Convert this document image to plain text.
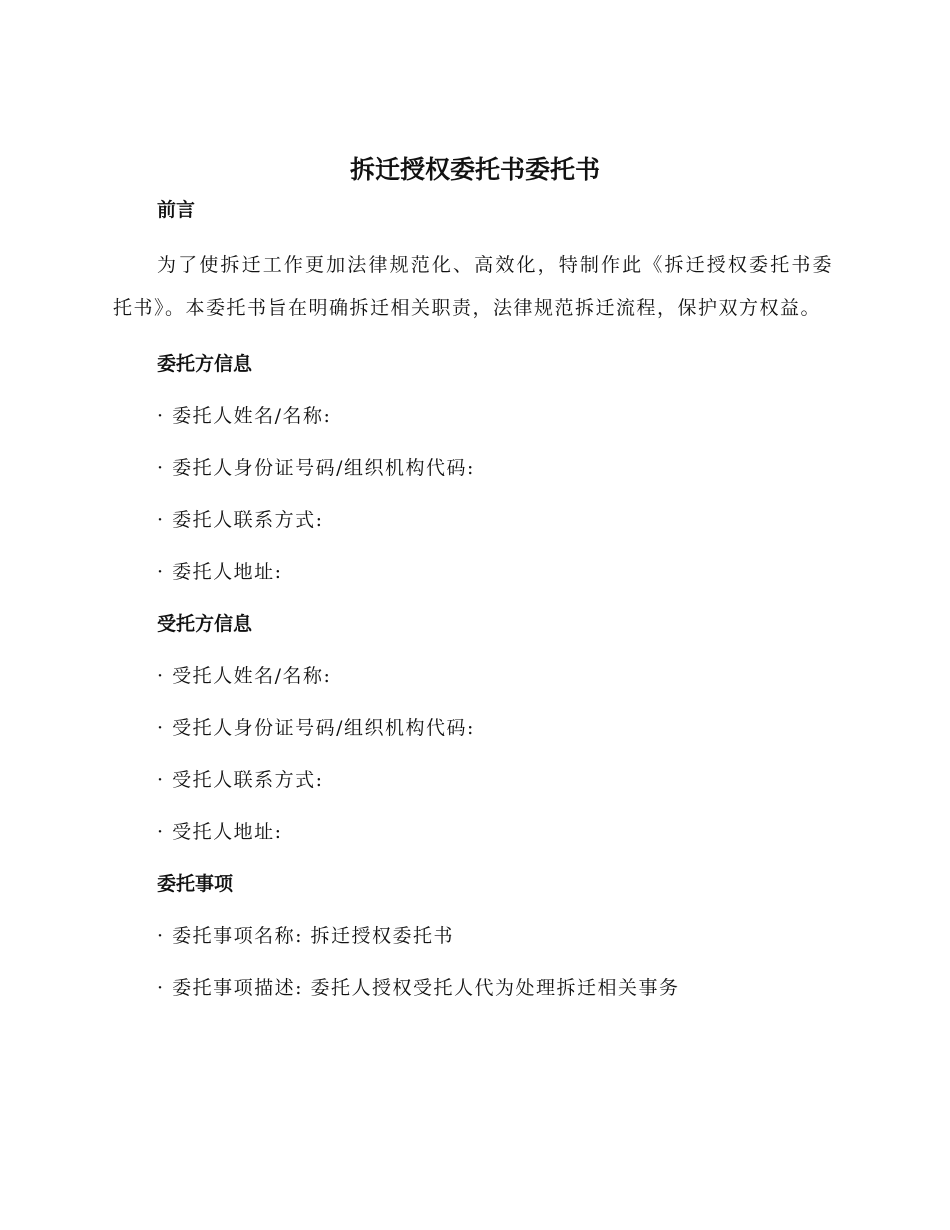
拆迁授权委托书委托书
前言

为了使拆迁工作更加法律规范化、高效化，特制作此《拆迁授权委托书委托书》。本委托书旨在明确拆迁相关职责，法律规范拆迁流程，保护双方权益。

委托方信息

· 委托人姓名/名称:

· 委托人身份证号码/组织机构代码:

· 委托人联系方式:

· 委托人地址:

受托方信息

· 受托人姓名/名称:

· 受托人身份证号码/组织机构代码:

· 受托人联系方式:

· 受托人地址:

委托事项

· 委托事项名称: 拆迁授权委托书

· 委托事项描述: 委托人授权受托人代为处理拆迁相关事务
